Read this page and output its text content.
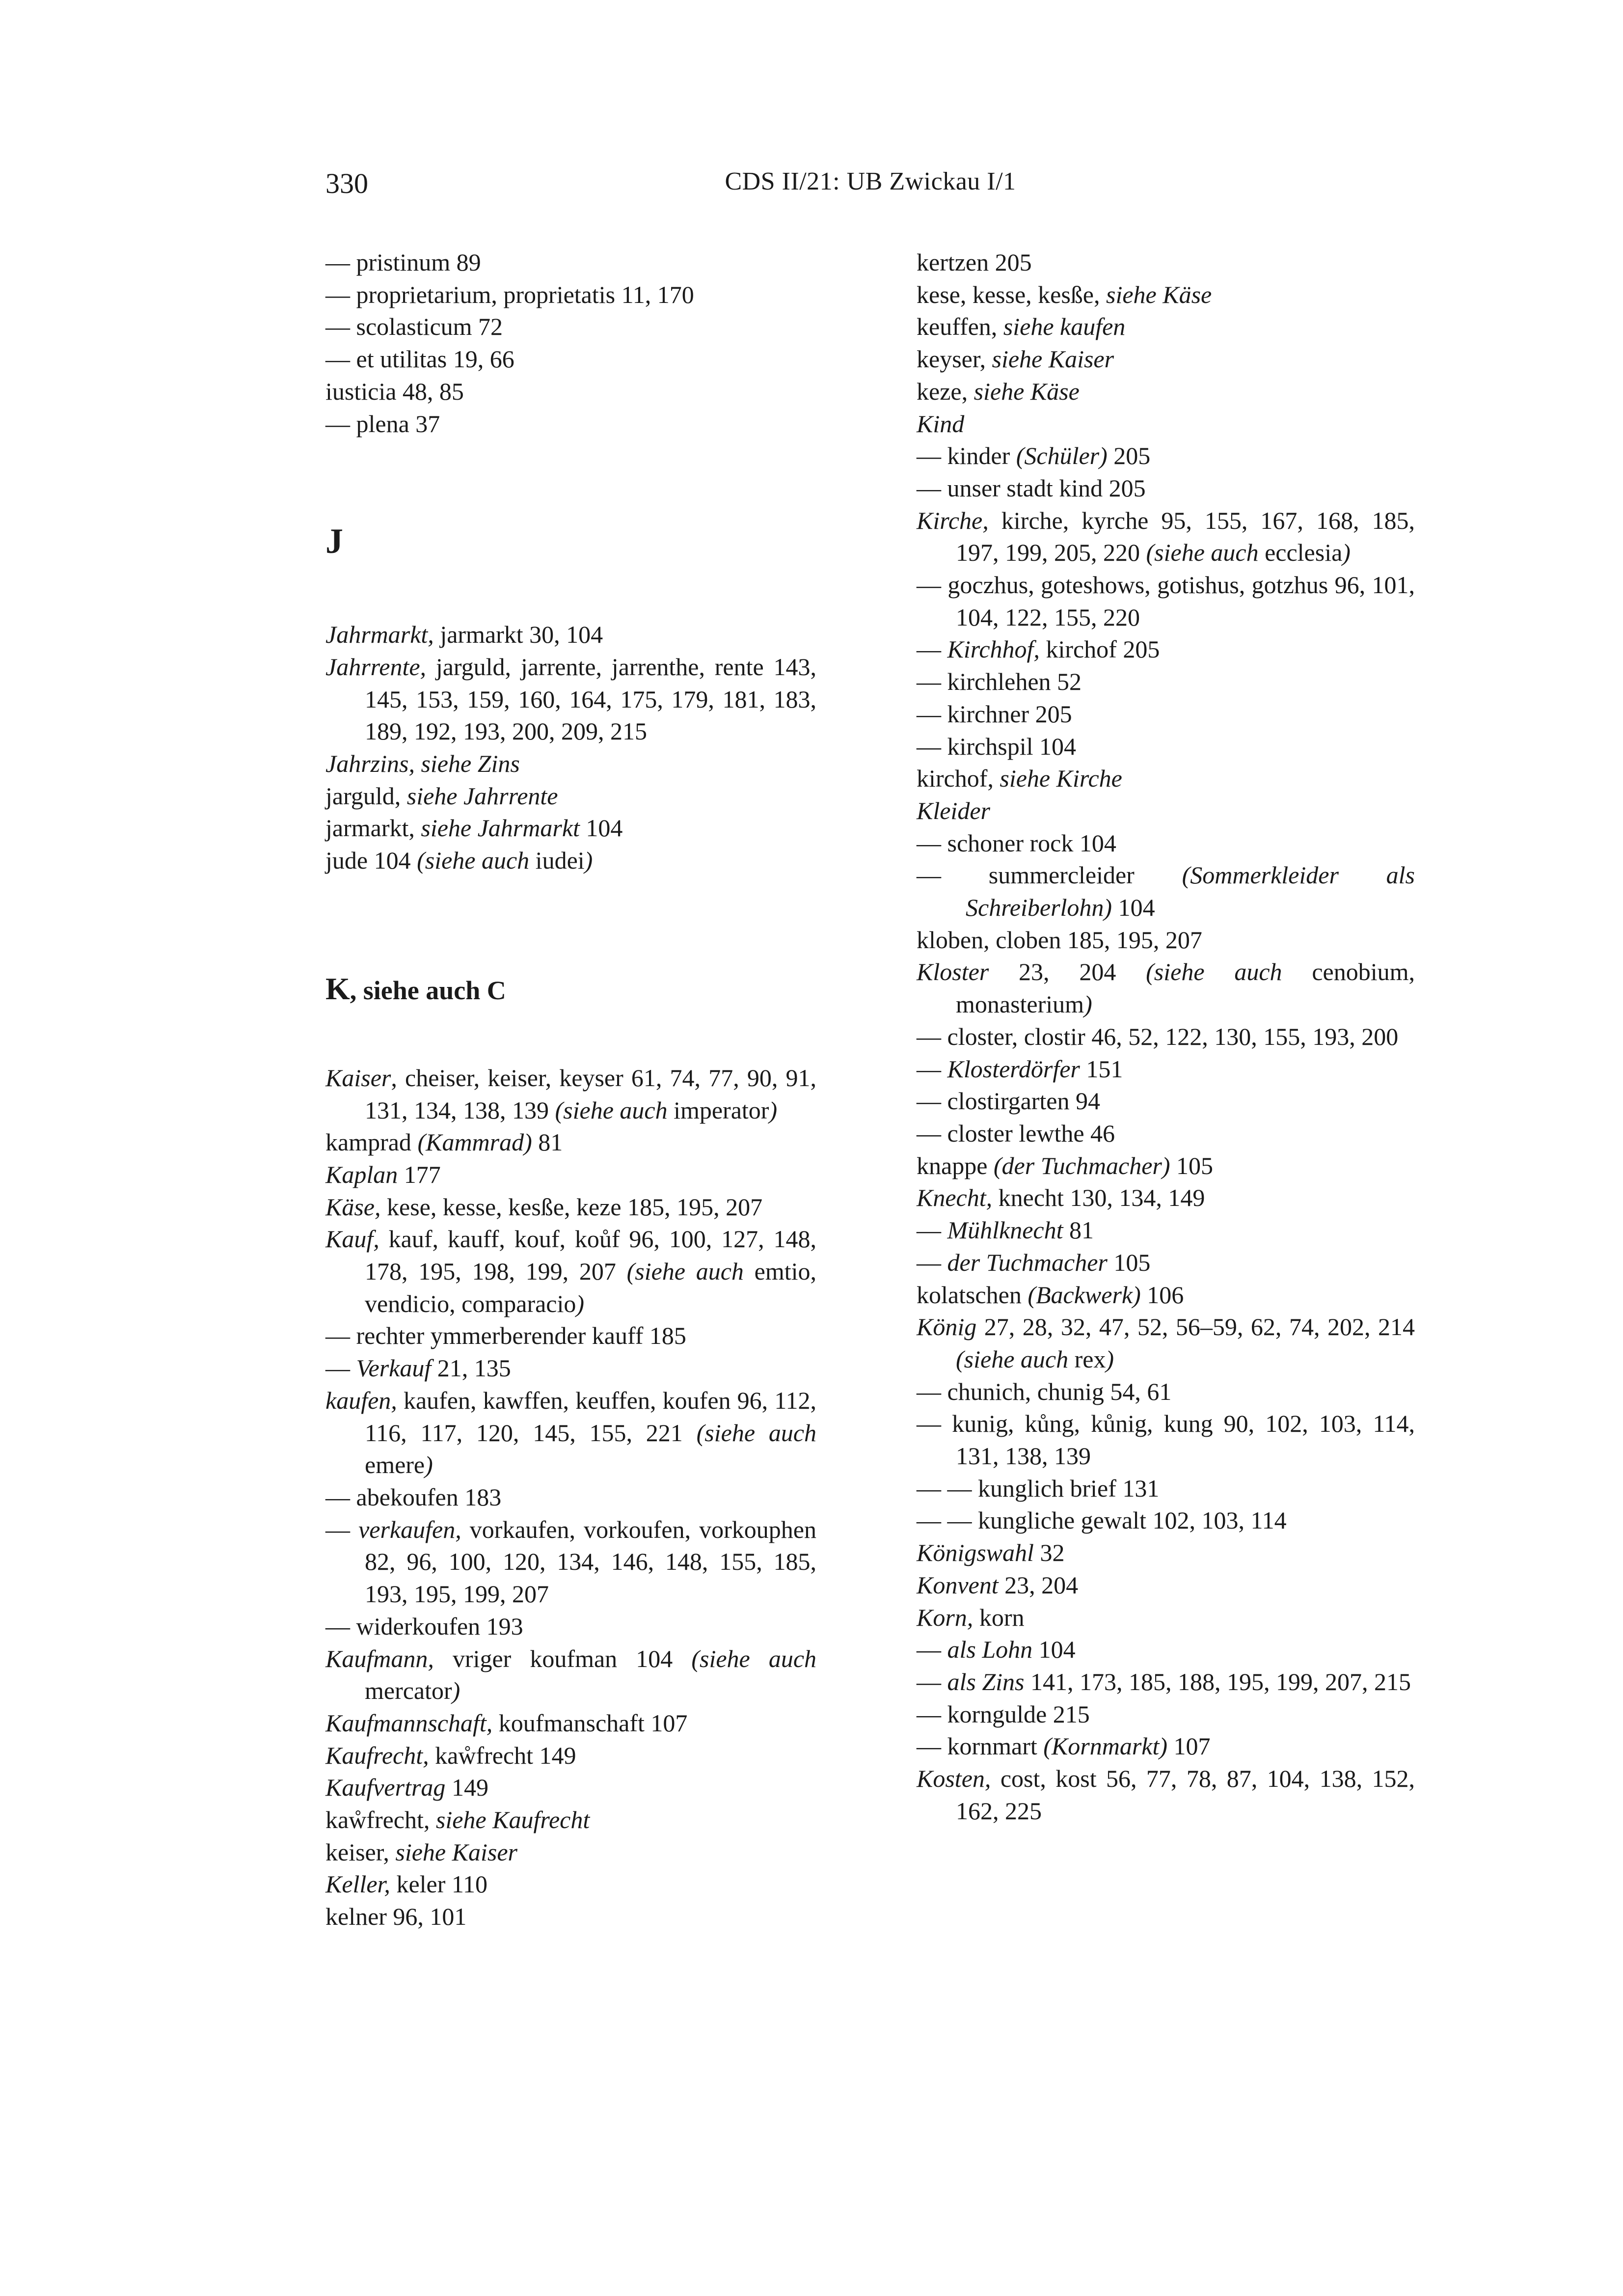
330	CDS II/21: UB Zwickau I/1
— pristinum 89
— proprietarium, proprietatis 11, 170
— scolasticum 72
— et utilitas 19, 66
iusticia 48, 85
— plena 37
J
Jahrmarkt, jarmarkt 30, 104
Jahrrente, jarguld, jarrente, jarrenthe, rente 143, 145, 153, 159, 160, 164, 175, 179, 181, 183, 189, 192, 193, 200, 209, 215
Jahrzins, siehe Zins
jarguld, siehe Jahrrente
jarmarkt, siehe Jahrmarkt 104
jude 104 (siehe auch iudei)
K, siehe auch C
Kaiser, cheiser, keiser, keyser 61, 74, 77, 90, 91, 131, 134, 138, 139 (siehe auch imperator)
kamprad (Kammrad) 81
Kaplan 177
Käse, kese, kesse, kesße, keze 185, 195, 207
Kauf, kauf, kauff, kouf, koůf 96, 100, 127, 148, 178, 195, 198, 199, 207 (siehe auch emtio, vendicio, comparacio)
— rechter ymmerberender kauff 185
— Verkauf 21, 135
kaufen, kaufen, kawffen, keuffen, koufen 96, 112, 116, 117, 120, 145, 155, 221 (siehe auch emere)
— abekoufen 183
— verkaufen, vorkaufen, vorkoufen, vorkouphen 82, 96, 100, 120, 134, 146, 148, 155, 185, 193, 195, 199, 207
— widerkoufen 193
Kaufmann, vriger koufman 104 (siehe auch mercator)
Kaufmannschaft, koufmanschaft 107
Kaufrecht, kaẘfrecht 149
Kaufvertrag 149
kaẘfrecht, siehe Kaufrecht
keiser, siehe Kaiser
Keller, keler 110
kelner 96, 101
kertzen 205
kese, kesse, kesße, siehe Käse
keuffen, siehe kaufen
keyser, siehe Kaiser
keze, siehe Käse
Kind
— kinder (Schüler) 205
— unser stadt kind 205
Kirche, kirche, kyrche 95, 155, 167, 168, 185, 197, 199, 205, 220 (siehe auch ecclesia)
— goczhus, goteshows, gotishus, gotzhus 96, 101, 104, 122, 155, 220
— Kirchhof, kirchof 205
— kirchlehen 52
— kirchner 205
— kirchspil 104
kirchof, siehe Kirche
Kleider
— schoner rock 104
— summercleider (Sommerkleider als Schreiberlohn) 104
kloben, cloben 185, 195, 207
Kloster 23, 204 (siehe auch cenobium, monasterium)
— closter, clostir 46, 52, 122, 130, 155, 193, 200
— Klosterdörfer 151
— clostirgarten 94
— closter lewthe 46
knappe (der Tuchmacher) 105
Knecht, knecht 130, 134, 149
— Mühlknecht 81
— der Tuchmacher 105
kolatschen (Backwerk) 106
König 27, 28, 32, 47, 52, 56–59, 62, 74, 202, 214 (siehe auch rex)
— chunich, chunig 54, 61
— kunig, kůng, kůnig, kung 90, 102, 103, 114, 131, 138, 139
— — kunglich brief 131
— — kungliche gewalt 102, 103, 114
Königswahl 32
Konvent 23, 204
Korn, korn
— als Lohn 104
— als Zins 141, 173, 185, 188, 195, 199, 207, 215
— korngulde 215
— kornmart (Kornmarkt) 107
Kosten, cost, kost 56, 77, 78, 87, 104, 138, 152, 162, 225
